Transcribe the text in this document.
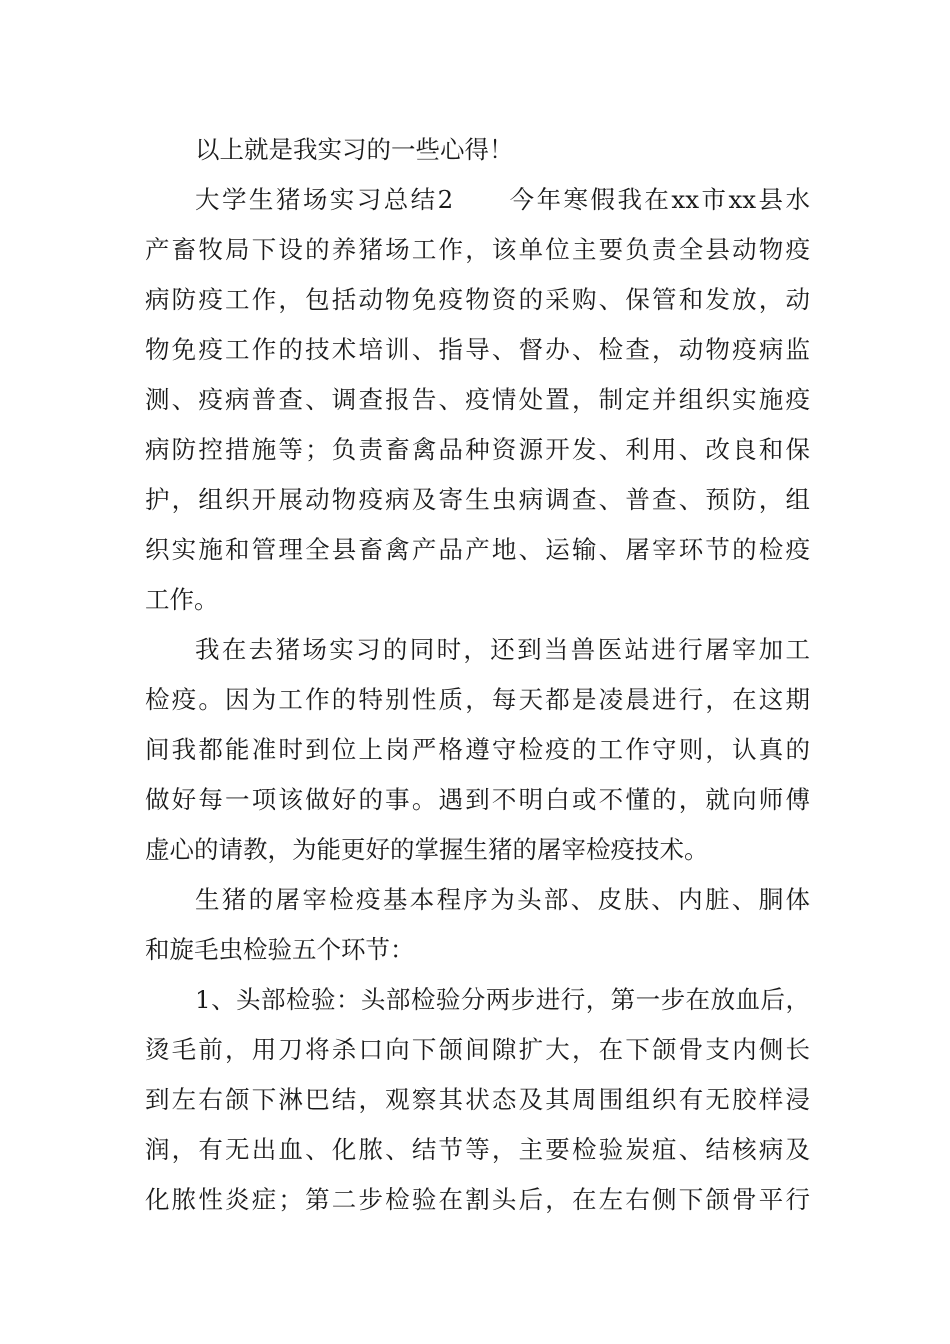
以上就是我实习的一些心得！
大学生猪场实习总结2　　今年寒假我在xx市xx县水
产畜牧局下设的养猪场工作，该单位主要负责全县动物疫
病防疫工作，包括动物免疫物资的采购、保管和发放，动
物免疫工作的技术培训、指导、督办、检查，动物疫病监
测、疫病普查、调查报告、疫情处置，制定并组织实施疫
病防控措施等；负责畜禽品种资源开发、利用、改良和保
护，组织开展动物疫病及寄生虫病调查、普查、预防，组
织实施和管理全县畜禽产品产地、运输、屠宰环节的检疫
工作。
我在去猪场实习的同时，还到当兽医站进行屠宰加工
检疫。因为工作的特别性质，每天都是凌晨进行，在这期
间我都能准时到位上岗严格遵守检疫的工作守则，认真的
做好每一项该做好的事。遇到不明白或不懂的，就向师傅
虚心的请教，为能更好的掌握生猪的屠宰检疫技术。
生猪的屠宰检疫基本程序为头部、皮肤、内脏、胴体
和旋毛虫检验五个环节：
1、头部检验：头部检验分两步进行，第一步在放血后，
烫毛前，用刀将杀口向下颌间隙扩大，在下颌骨支内侧长
到左右颌下淋巴结，观察其状态及其周围组织有无胶样浸
润，有无出血、化脓、结节等，主要检验炭疽、结核病及
化脓性炎症；第二步检验在割头后，在左右侧下颌骨平行
